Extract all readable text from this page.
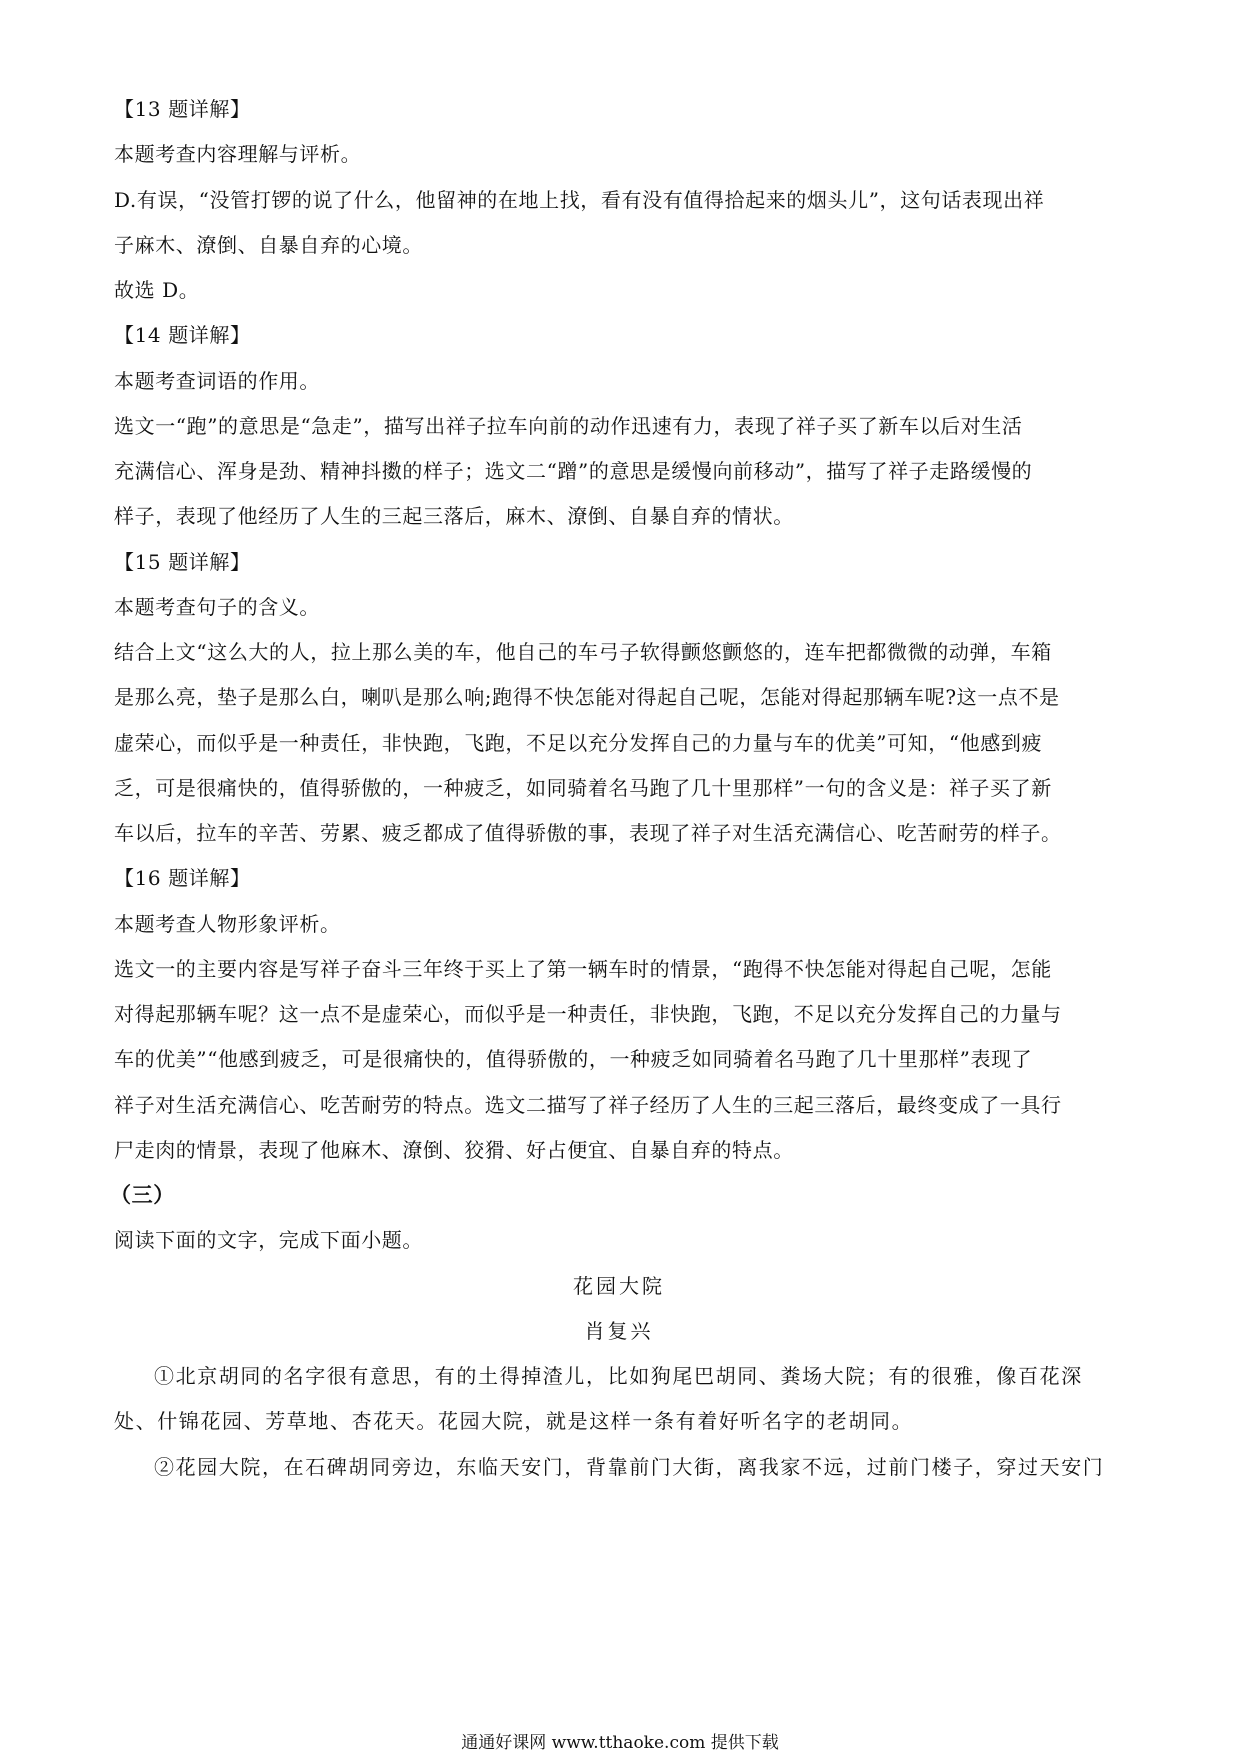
【13 题详解】
本题考查内容理解与评析。
D.有误，“没管打锣的说了什么，他留神的在地上找，看有没有值得拾起来的烟头儿”，这句话表现出祥
子麻木、潦倒、自暴自弃的心境。
故选 D。
【14 题详解】
本题考查词语的作用。
选文一“跑”的意思是“急走”，描写出祥子拉车向前的动作迅速有力，表现了祥子买了新车以后对生活
充满信心、浑身是劲、精神抖擞的样子；选文二“蹭”的意思是缓慢向前移动”，描写了祥子走路缓慢的
样子，表现了他经历了人生的三起三落后，麻木、潦倒、自暴自弃的情状。
【15 题详解】
本题考查句子的含义。
结合上文“这么大的人，拉上那么美的车，他自己的车弓子软得颤悠颤悠的，连车把都微微的动弹，车箱
是那么亮，垫子是那么白，喇叭是那么响;跑得不快怎能对得起自己呢，怎能对得起那辆车呢?这一点不是
虚荣心，而似乎是一种责任，非快跑，飞跑，不足以充分发挥自己的力量与车的优美”可知，“他感到疲
乏，可是很痛快的，值得骄傲的，一种疲乏，如同骑着名马跑了几十里那样”一句的含义是：祥子买了新
车以后，拉车的辛苦、劳累、疲乏都成了值得骄傲的事，表现了祥子对生活充满信心、吃苦耐劳的样子。
【16 题详解】
本题考查人物形象评析。
选文一的主要内容是写祥子奋斗三年终于买上了第一辆车时的情景，“跑得不快怎能对得起自己呢，怎能
对得起那辆车呢？这一点不是虚荣心，而似乎是一种责任，非快跑，飞跑，不足以充分发挥自己的力量与
车的优美”“他感到疲乏，可是很痛快的，值得骄傲的，一种疲乏如同骑着名马跑了几十里那样”表现了
祥子对生活充满信心、吃苦耐劳的特点。选文二描写了祥子经历了人生的三起三落后，最终变成了一具行
尸走肉的情景，表现了他麻木、潦倒、狡猾、好占便宜、自暴自弃的特点。
（三）
阅读下面的文字，完成下面小题。
花园大院
肖复兴
①北京胡同的名字很有意思，有的土得掉渣儿，比如狗尾巴胡同、粪场大院；有的很雅，像百花深
处、什锦花园、芳草地、杏花天。花园大院，就是这样一条有着好听名字的老胡同。
②花园大院，在石碑胡同旁边，东临天安门，背靠前门大街，离我家不远，过前门楼子，穿过天安门
通通好课网 www.tthaoke.com 提供下载
